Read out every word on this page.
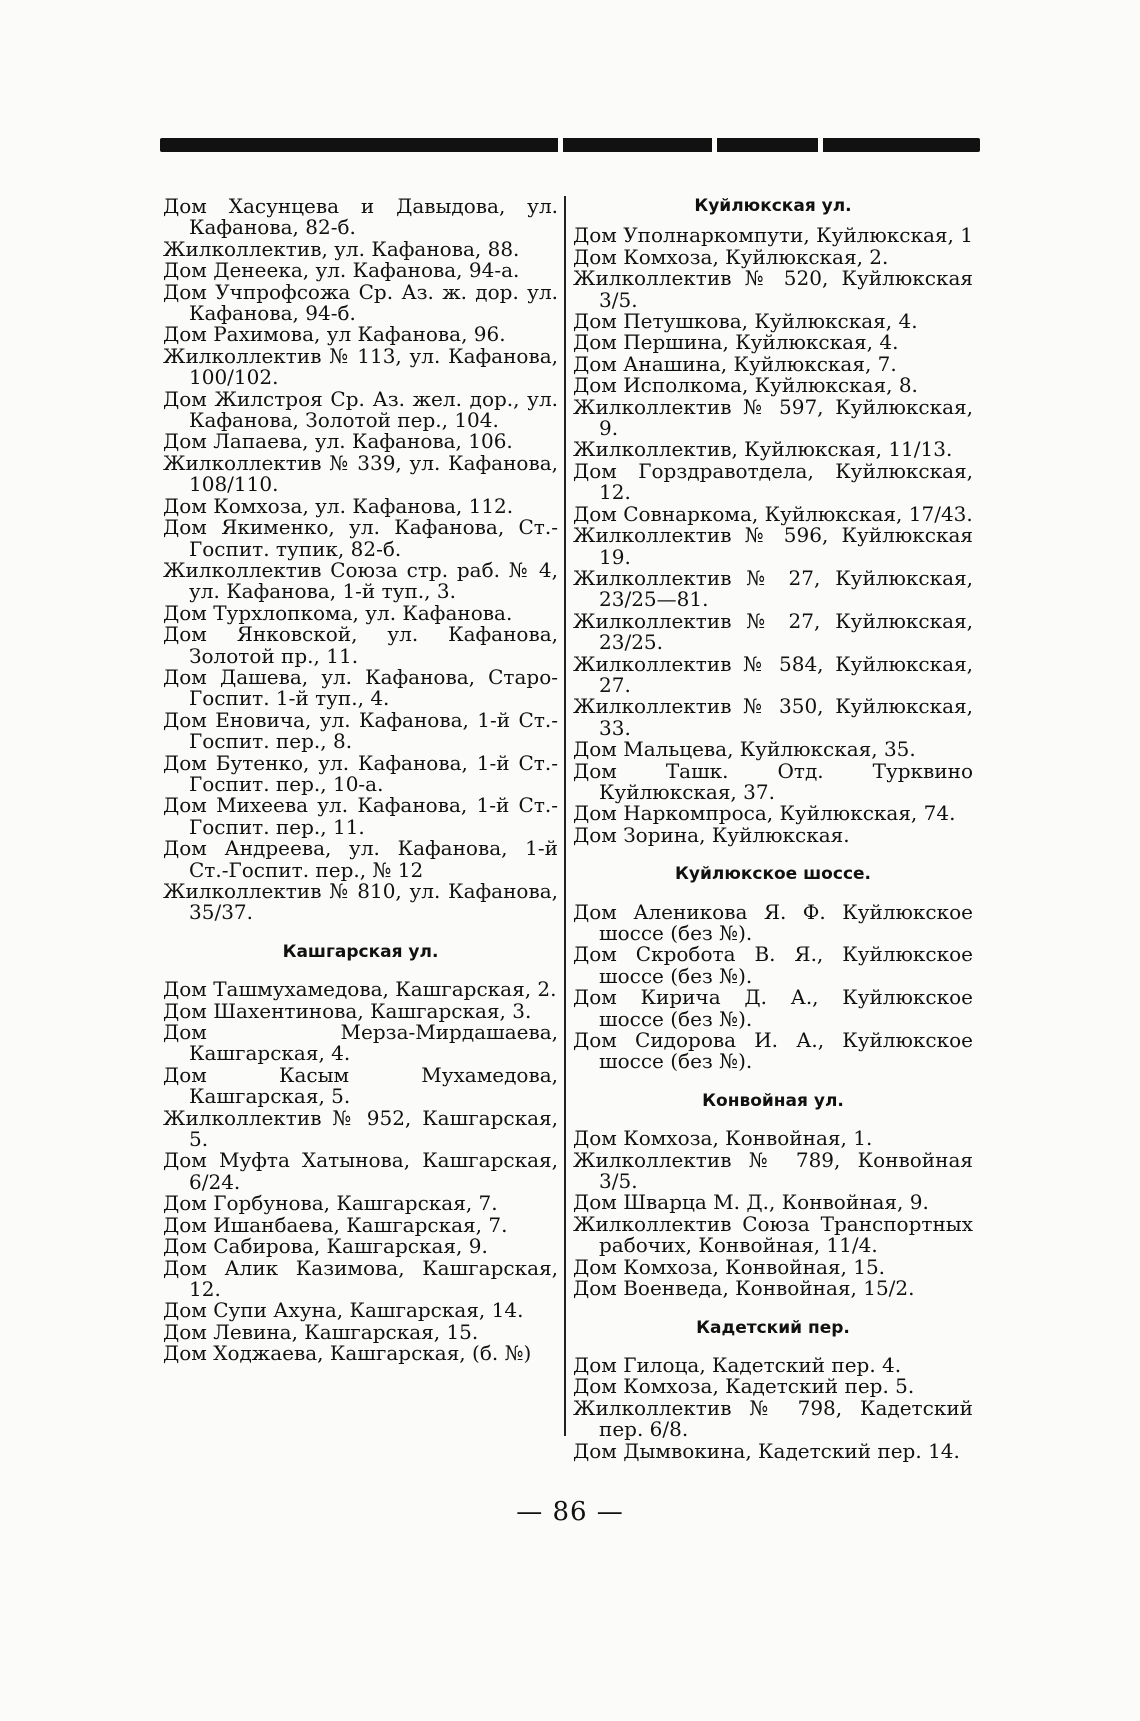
Дом Хасунцева и Давыдова, ул. Кафанова, 82-б.

Жилколлектив, ул. Кафанова, 88.

Дом Денеека, ул. Кафанова, 94-а.

Дом Учпрофсожа Ср. Аз. ж. дор. ул. Кафанова, 94-б.

Дом Рахимова, ул Кафанова, 96.

Жилколлектив № 113, ул. Кафанова, 100/102.

Дом Жилстроя Ср. Аз. жел. дор., ул. Кафанова, Золотой пер., 104.

Дом Лапаева, ул. Кафанова, 106.

Жилколлектив № 339, ул. Кафанова, 108/110.

Дом Комхоза, ул. Кафанова, 112.

Дом Якименко, ул. Кафанова, Ст.-Госпит. тупик, 82-б.

Жилколлектив Союза стр. раб. № 4, ул. Кафанова, 1-й туп., 3.

Дом Турхлопкома, ул. Кафанова.

Дом Янковской, ул. Кафанова, Золотой пр., 11.

Дом Дашева, ул. Кафанова, Старо-Госпит. 1-й туп., 4.

Дом Еновича, ул. Кафанова, 1-й Ст.-Госпит. пер., 8.

Дом Бутенко, ул. Кафанова, 1-й Ст.-Госпит. пер., 10-а.

Дом Михеева ул. Кафанова, 1-й Ст.-Госпит. пер., 11.

Дом Андреева, ул. Кафанова, 1-й Ст.-Госпит. пер., № 12

Жилколлектив № 810, ул. Кафанова, 35/37.

Кашгарская ул.

Дом Ташмухамедова, Кашгарская, 2.

Дом Шахентинова, Кашгарская, 3.

Дом Мерза-Мирдашаева, Кашгарская, 4.

Дом Касым Мухамедова, Кашгарская, 5.

Жилколлектив № 952, Кашгарская, 5.

Дом Муфта Хатынова, Кашгарская, 6/24.

Дом Горбунова, Кашгарская, 7.

Дом Ишанбаева, Кашгарская, 7.

Дом Сабирова, Кашгарская, 9.

Дом Алик Казимова, Кашгарская, 12.

Дом Супи Ахуна, Кашгарская, 14.

Дом Левина, Кашгарская, 15.

Дом Ходжаева, Кашгарская, (б. №)

Куйлюкская ул.

Дом Уполнаркомпути, Куйлюкская, 1

Дом Комхоза, Куйлюкская, 2.

Жилколлектив № 520, Куйлюкская 3/5.

Дом Петушкова, Куйлюкская, 4.

Дом Першина, Куйлюкская, 4.

Дом Анашина, Куйлюкская, 7.

Дом Исполкома, Куйлюкская, 8.

Жилколлектив № 597, Куйлюкская, 9.

Жилколлектив, Куйлюкская, 11/13.

Дом Горздравотдела, Куйлюкская, 12.

Дом Совнаркома, Куйлюкская, 17/43.

Жилколлектив № 596, Куйлюкская 19.

Жилколлектив № 27, Куйлюкская, 23/25—81.

Жилколлектив № 27, Куйлюкская, 23/25.

Жилколлектив № 584, Куйлюкская, 27.

Жилколлектив № 350, Куйлюкская, 33.

Дом Мальцева, Куйлюкская, 35.

Дом Ташк. Отд. Турквино Куйлюкская, 37.

Дом Наркомпроса, Куйлюкская, 74.

Дом Зорина, Куйлюкская.

Куйлюкское шоссе.

Дом Аленикова Я. Ф. Куйлюкское шоссе (без №).

Дом Скробота В. Я., Куйлюкское шоссе (без №).

Дом Кирича Д. А., Куйлюкское шоссе (без №).

Дом Сидорова И. А., Куйлюкское шоссе (без №).

Конвойная ул.

Дом Комхоза, Конвойная, 1.

Жилколлектив № 789, Конвойная 3/5.

Дом Шварца М. Д., Конвойная, 9.

Жилколлектив Союза Транспортных рабочих, Конвойная, 11/4.

Дом Комхоза, Конвойная, 15.

Дом Военведа, Конвойная, 15/2.

Кадетский пер.

Дом Гилоца, Кадетский пер. 4.

Дом Комхоза, Кадетский пер. 5.

Жилколлектив № 798, Кадетский пер. 6/8.

Дом Дымвокина, Кадетский пер. 14.

— 86 —
